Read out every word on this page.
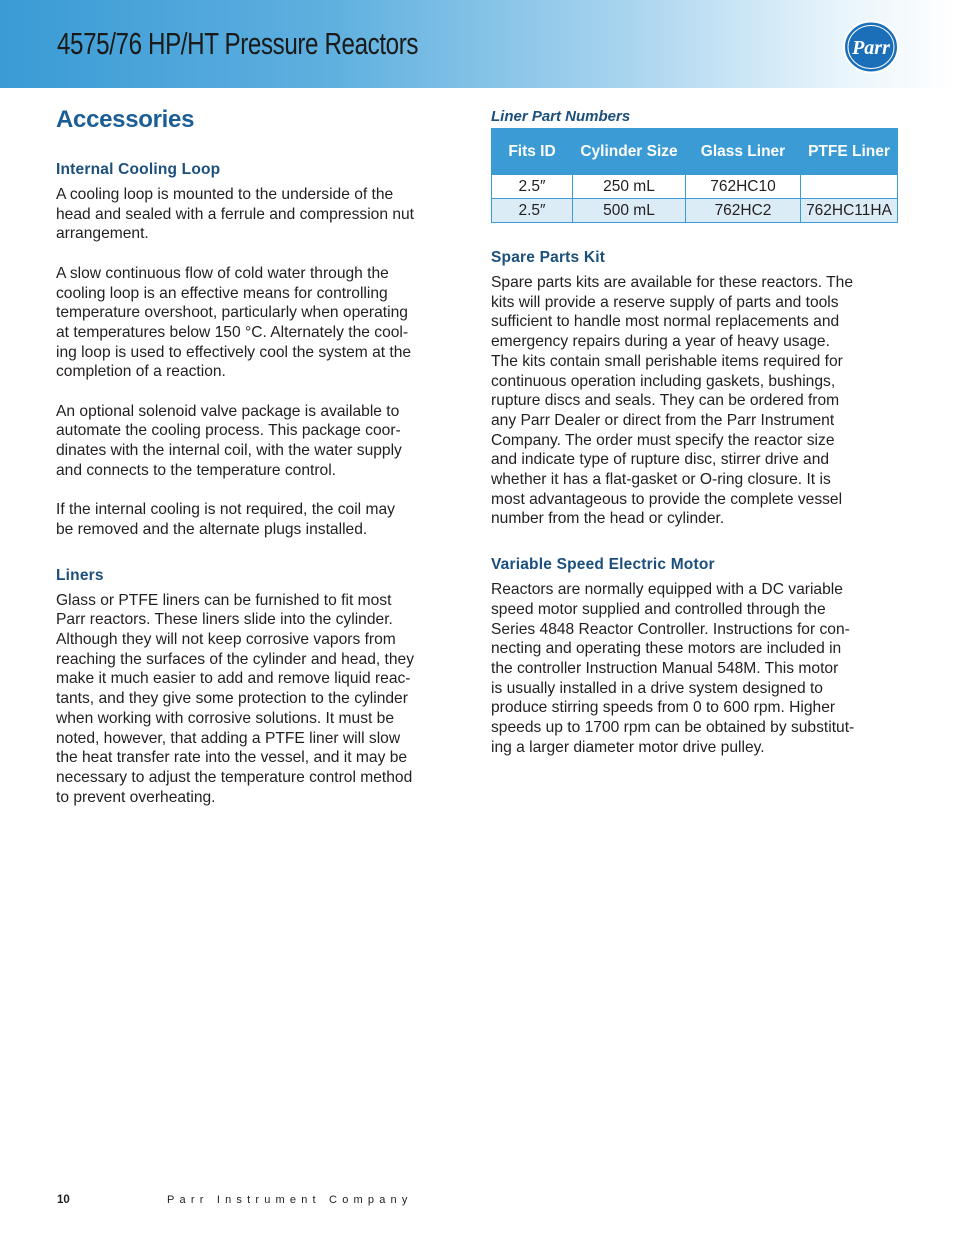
4575/76 HP/HT Pressure Reactors	Parr
Accessories
Internal Cooling Loop

A cooling loop is mounted to the underside of the
head and sealed with a ferrule and compression nut
arrangement.

A slow continuous flow of cold water through the
cooling loop is an effective means for controlling
temperature overshoot, particularly when operating
at temperatures below 150 °C. Alternately the cool-
ing loop is used to effectively cool the system at the
completion of a reaction.

An optional solenoid valve package is available to
automate the cooling process. This package coor-
dinates with the internal coil, with the water supply
and connects to the temperature control.

If the internal cooling is not required, the coil may
be removed and the alternate plugs installed.

Liners

Glass or PTFE liners can be furnished to fit most
Parr reactors. These liners slide into the cylinder.
Although they will not keep corrosive vapors from
reaching the surfaces of the cylinder and head, they
make it much easier to add and remove liquid reac-
tants, and they give some protection to the cylinder
when working with corrosive solutions. It must be
noted, however, that adding a PTFE liner will slow
the heat transfer rate into the vessel, and it may be
necessary to adjust the temperature control method
to prevent overheating.

Liner Part Numbers
Fits ID	Cylinder Size	Glass Liner	PTFE Liner
2.5″	250 mL	762HC10	
2.5″	500 mL	762HC2	762HC11HA
Spare Parts Kit

Spare parts kits are available for these reactors. The
kits will provide a reserve supply of parts and tools
sufficient to handle most normal replacements and
emergency repairs during a year of heavy usage.
The kits contain small perishable items required for
continuous operation including gaskets, bushings,
rupture discs and seals. They can be ordered from
any Parr Dealer or direct from the Parr Instrument
Company. The order must specify the reactor size
and indicate type of rupture disc, stirrer drive and
whether it has a flat-gasket or O-ring closure. It is
most advantageous to provide the complete vessel
number from the head or cylinder.

Variable Speed Electric Motor

Reactors are normally equipped with a DC variable
speed motor supplied and controlled through the
Series 4848 Reactor Controller. Instructions for con-
necting and operating these motors are included in
the controller Instruction Manual 548M. This motor
is usually installed in a drive system designed to
produce stirring speeds from 0 to 600 rpm. Higher
speeds up to 1700 rpm can be obtained by substitut-
ing a larger diameter motor drive pulley.

10	Parr Instrument Company
